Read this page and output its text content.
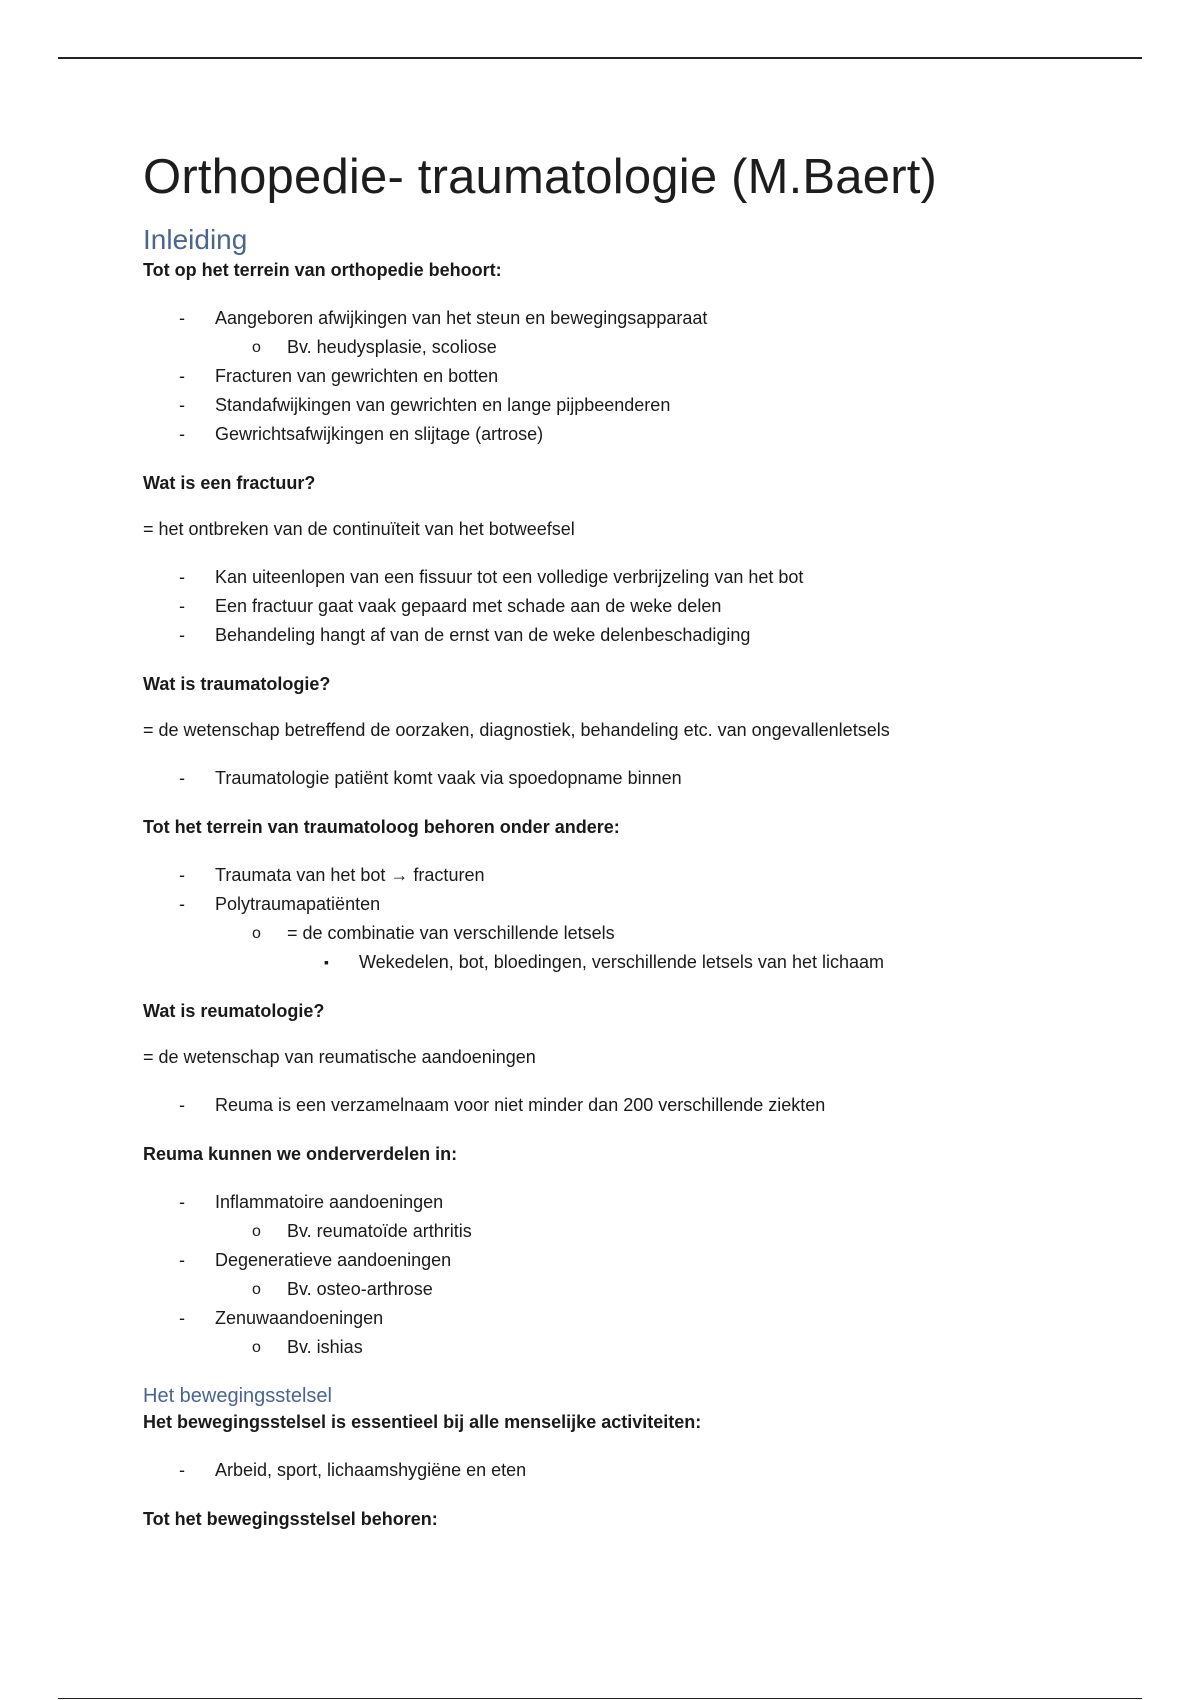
Orthopedie- traumatologie (M.Baert)
Inleiding

Tot op het terrein van orthopedie behoort:

- Aangeboren afwijkingen van het steun en bewegingsapparaat
o Bv. heudysplasie, scoliose
- Fracturen van gewrichten en botten
- Standafwijkingen van gewrichten en lange pijpbeenderen
- Gewrichtsafwijkingen en slijtage (artrose)

Wat is een fractuur?

= het ontbreken van de continuïteit van het botweefsel

- Kan uiteenlopen van een fissuur tot een volledige verbrijzeling van het bot
- Een fractuur gaat vaak gepaard met schade aan de weke delen
- Behandeling hangt af van de ernst van de weke delenbeschadiging

Wat is traumatologie?

= de wetenschap betreffend de oorzaken, diagnostiek, behandeling etc. van ongevallenletsels

- Traumatologie patiënt komt vaak via spoedopname binnen

Tot het terrein van traumatoloog behoren onder andere:

- Traumata van het bot → fracturen
- Polytraumapatiënten
o = de combinatie van verschillende letsels
▪ Wekedelen, bot, bloedingen, verschillende letsels van het lichaam

Wat is reumatologie?

= de wetenschap van reumatische aandoeningen

- Reuma is een verzamelnaam voor niet minder dan 200 verschillende ziekten

Reuma kunnen we onderverdelen in:

- Inflammatoire aandoeningen
o Bv. reumatoïde arthritis
- Degeneratieve aandoeningen
o Bv. osteo-arthrose
- Zenuwaandoeningen
o Bv. ishias
Het bewegingsstelsel

Het bewegingsstelsel is essentieel bij alle menselijke activiteiten:

- Arbeid, sport, lichaamshygiëne en eten

Tot het bewegingsstelsel behoren:
